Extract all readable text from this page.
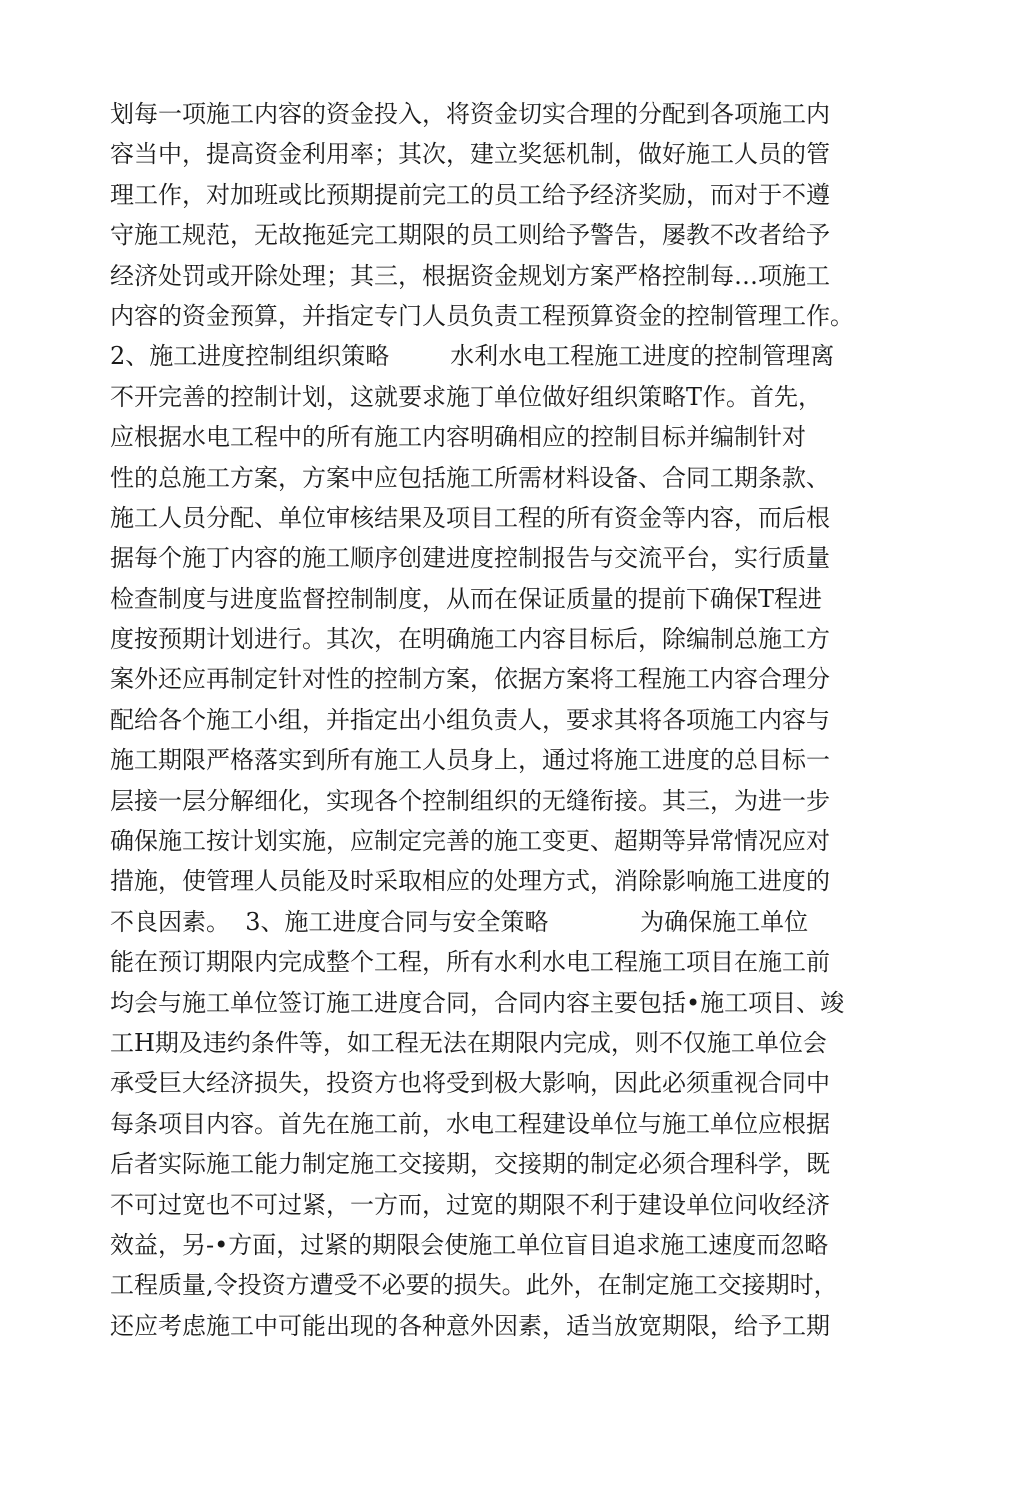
划每一项施工内容的资金投入，将资金切实合理的分配到各项施工内
容当中，提高资金利用率；其次，建立奖惩机制，做好施工人员的管
理工作，对加班或比预期提前完工的员工给予经济奖励，而对于不遵
守施工规范，无故拖延完工期限的员工则给予警告，屡教不改者给予
经济处罚或开除处理；其三，根据资金规划方案严格控制每…项施工
内容的资金预算，并指定专门人员负责工程预算资金的控制管理工作。
2、施工进度控制组织策略        水利水电工程施工进度的控制管理离
不开完善的控制计划，这就要求施丁单位做好组织策略T作。首先，
应根据水电工程中的所有施工内容明确相应的控制目标并编制针对
性的总施工方案，方案中应包括施工所需材料设备、合同工期条款、
施工人员分配、单位审核结果及项目工程的所有资金等内容，而后根
据每个施丁内容的施工顺序创建进度控制报告与交流平台，实行质量
检查制度与进度监督控制制度，从而在保证质量的提前下确保T程进
度按预期计划进行。其次，在明确施工内容目标后，除编制总施工方
案外还应再制定针对性的控制方案，依据方案将工程施工内容合理分
配给各个施工小组，并指定出小组负责人，要求其将各项施工内容与
施工期限严格落实到所有施工人员身上，通过将施工进度的总目标一
层接一层分解细化，实现各个控制组织的无缝衔接。其三，为进一步
确保施工按计划实施，应制定完善的施工变更、超期等异常情况应对
措施，使管理人员能及时采取相应的处理方式，消除影响施工进度的
不良因素。  3、施工进度合同与安全策略            为确保施工单位
能在预订期限内完成整个工程，所有水利水电工程施工项目在施工前
均会与施工单位签订施工进度合同，合同内容主要包括•施工项目、竣
工H期及违约条件等，如工程无法在期限内完成，则不仅施工单位会
承受巨大经济损失，投资方也将受到极大影响，因此必须重视合同中
每条项目内容。首先在施工前，水电工程建设单位与施工单位应根据
后者实际施工能力制定施工交接期，交接期的制定必须合理科学，既
不可过宽也不可过紧，一方而，过宽的期限不利于建设单位问收经济
效益，另-•方面，过紧的期限会使施工单位盲目追求施工速度而忽略
工程质量,令投资方遭受不必要的损失。此外，在制定施工交接期时，
还应考虑施工中可能出现的各种意外因素，适当放宽期限，给予工期
